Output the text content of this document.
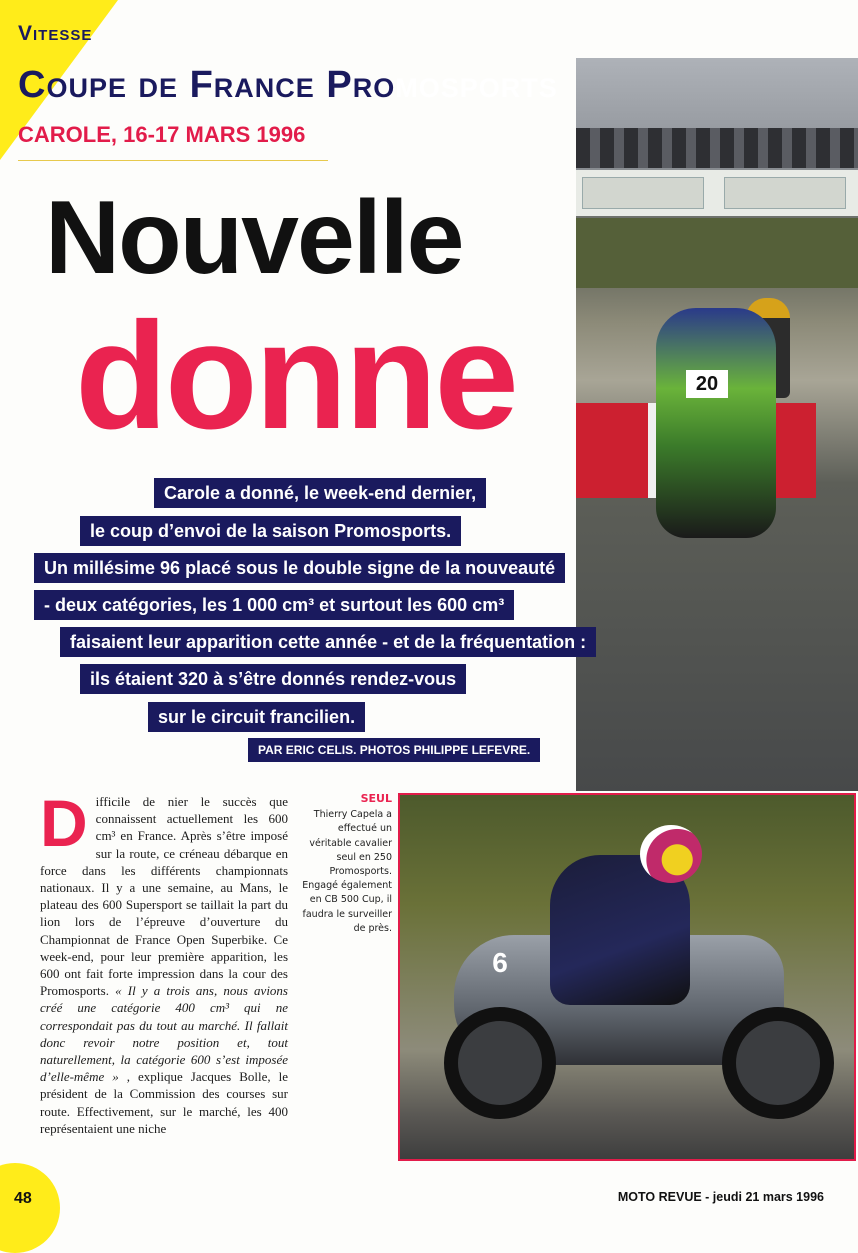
Vitesse
Coupe de France Promosports
CAROLE, 16-17 MARS 1996
Nouvelle
donne	20
Carole a donné, le week-end dernier,
le coup d’envoi de la saison Promosports.
Un millésime 96 placé sous le double signe de la nouveauté
- deux catégories, les 1 000 cm³ et surtout les 600 cm³
faisaient leur apparition cette année - et de la fréquentation :
ils étaient 320 à s’être donnés rendez-vous
sur le circuit francilien.
PAR ERIC CELIS. PHOTOS PHILIPPE LEFEVRE.

D ifficile de nier le succès que connaissent actuellement les 600 cm³ en France. Après s’être imposé sur la route, ce créneau débarque en force dans les différents championnats nationaux. Il y a une semaine, au Mans, le plateau des 600 Supersport se taillait la part du lion lors de l’épreuve d’ouverture du Championnat de France Open Superbike. Ce week-end, pour leur première apparition, les 600 ont fait forte impression dans la cour des Promosports. « Il y a trois ans, nous avions créé une catégorie 400 cm³ qui ne correspondait pas du tout au marché. Il fallait donc revoir notre position et, tout naturellement, la catégorie 600 s’est imposée d’elle-même » , explique Jacques Bolle, le président de la Commission des courses sur route. Effectivement, sur le marché, les 400 représentaient une niche

SEUL
Thierry Capela a effectué un véritable cavalier seul en 250 Promosports. Engagé également en CB 500 Cup, il faudra le surveiller de près.
6
48	MOTO REVUE - jeudi 21 mars 1996
